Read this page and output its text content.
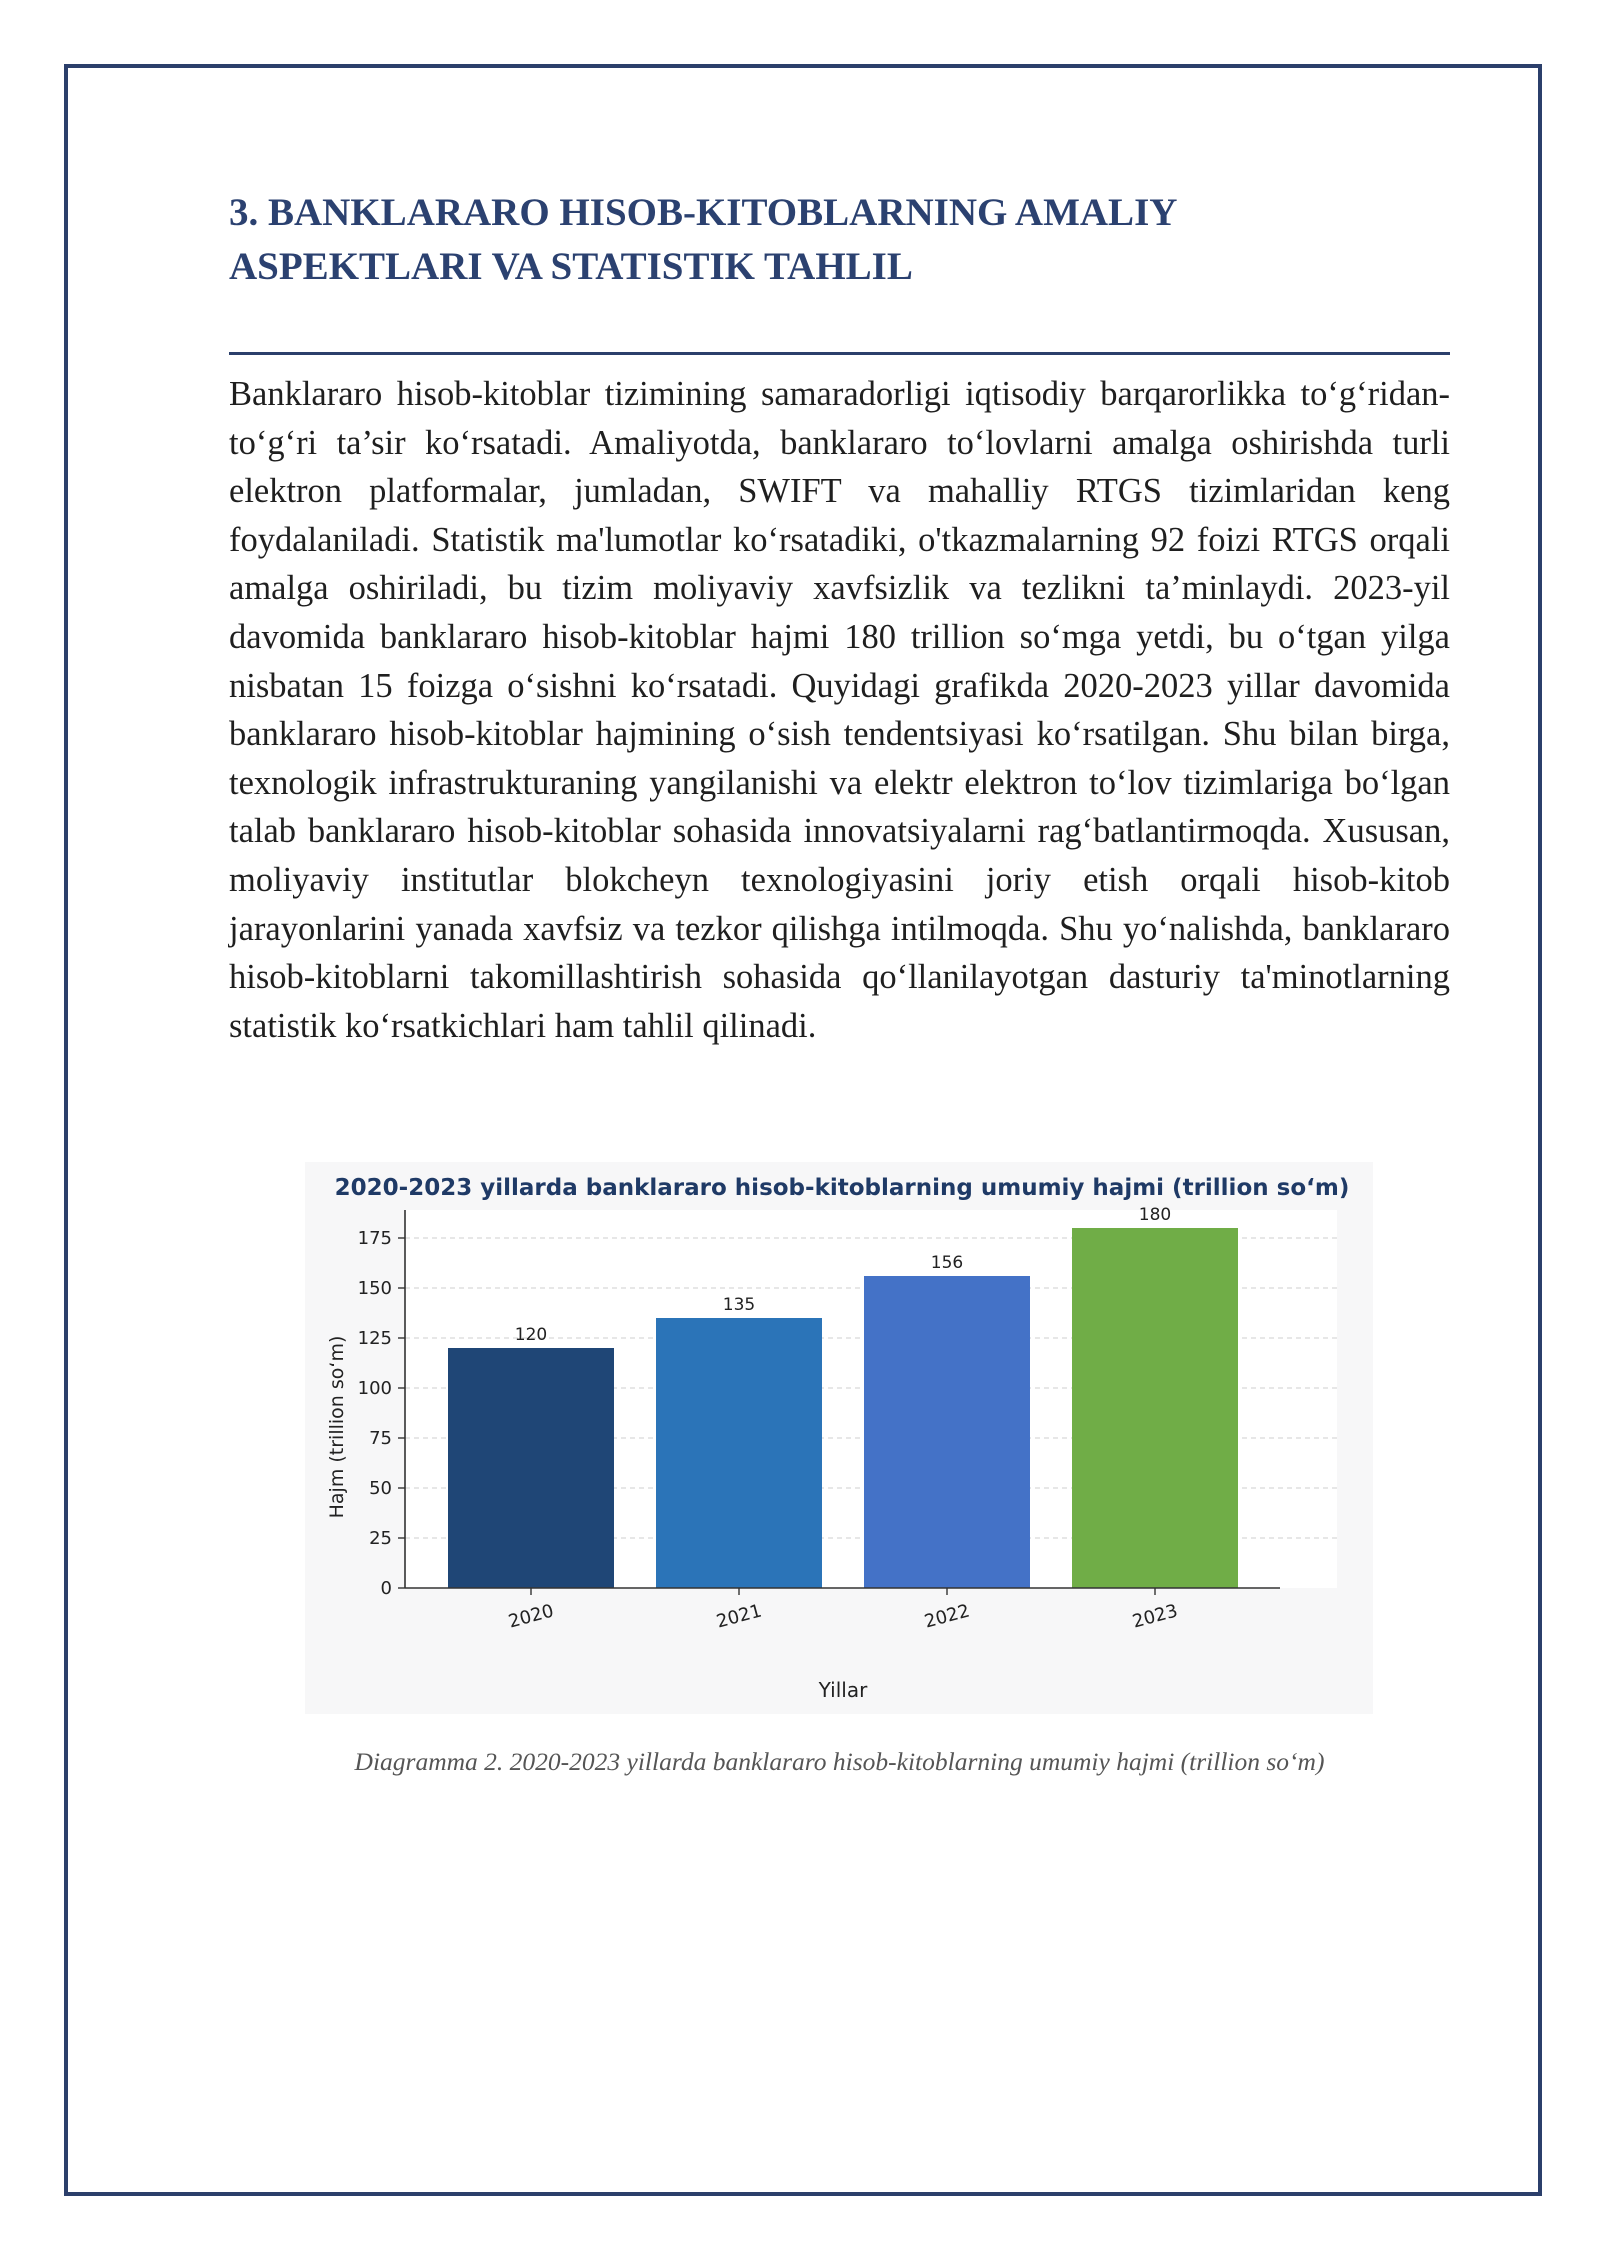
3. BANKLARARO HISOB-KITOBLARNING AMALIY
ASPEKTLARI VA STATISTIK TAHLIL

Banklararo hisob-kitoblar tizimining samaradorligi iqtisodiy barqarorlikka to‘g‘ridan-to‘g‘ri ta’sir ko‘rsatadi. Amaliyotda, banklararo to‘lovlarni amalga oshirishda turli elektron platformalar, jumladan, SWIFT va mahalliy RTGS tizimlaridan keng foydalaniladi. Statistik ma'lumotlar ko‘rsatadiki, o'tkazmalarning 92 foizi RTGS orqali amalga oshiriladi, bu tizim moliyaviy xavfsizlik va tezlikni ta’minlaydi. 2023-yil davomida banklararo hisob-kitoblar hajmi 180 trillion so‘mga yetdi, bu o‘tgan yilga nisbatan 15 foizga o‘sishni ko‘rsatadi. Quyidagi grafikda 2020-2023 yillar davomida banklararo hisob-kitoblar hajmining o‘sish tendentsiyasi ko‘rsatilgan. Shu bilan birga, texnologik infrastrukturaning yangilanishi va elektr elektron to‘lov tizimlariga bo‘lgan talab banklararo hisob-kitoblar sohasida innovatsiyalarni rag‘batlantirmoqda. Xususan, moliyaviy institutlar blokcheyn texnologiyasini joriy etish orqali hisob-kitob jarayonlarini yanada xavfsiz va tezkor qilishga intilmoqda. Shu yo‘nalishda, banklararo hisob-kitoblarni takomillashtirish sohasida qo‘llanilayotgan dasturiy ta'minotlarning statistik ko‘rsatkichlari ham tahlil qilinadi.

120
135
156
180
0
25
50
75
100
125
150
175
2020	2021	2022	2023
2020-2023 yillarda banklararo hisob-kitoblarning umumiy hajmi (trillion so‘m)
Yillar
Hajm (trillion so‘m)
Diagramma 2. 2020-2023 yillarda banklararo hisob-kitoblarning umumiy hajmi (trillion so‘m)
